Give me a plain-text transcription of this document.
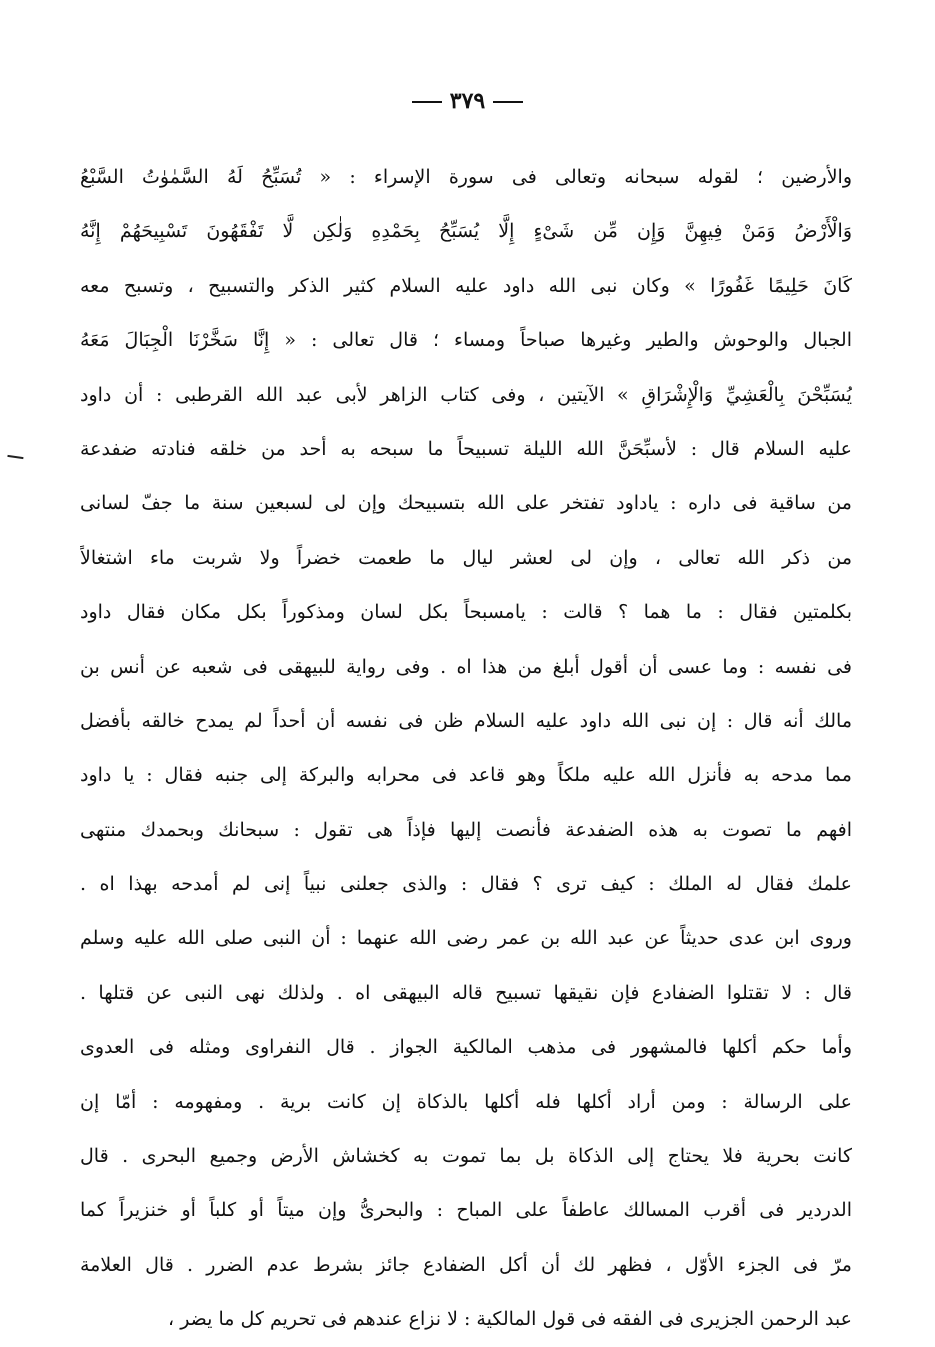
٣٧٩
والأرضين ؛ لقوله سبحانه وتعالى فى سورة الإسراء : « تُسَبِّحُ لَهُ السَّمٰوٰتُ السَّبْعُ
وَالْأَرْضُ وَمَنْ فِيهِنَّ وَإِن مِّن شَىْءٍ إِلَّا يُسَبِّحُ بِحَمْدِهِ وَلٰكِن لَّا تَفْقَهُونَ تَسْبِيحَهُمْ إِنَّهُ
كَانَ حَلِيمًا غَفُورًا » وكان نبى الله داود عليه السلام كثير الذكر والتسبيح ، وتسبح معه
الجبال والوحوش والطير وغيرها صباحاً ومساء ؛ قال تعالى : « إِنَّا سَخَّرْنَا الْجِبَالَ مَعَهُ
يُسَبِّحْنَ بِالْعَشِيِّ وَالْإِشْرَاقِ » الآيتين ، وفى كتاب الزاهر لأبى عبد الله القرطبى : أن داود
عليه السلام قال : لأسبِّحَنَّ الله الليلة تسبيحاً ما سبحه به أحد من خلقه فنادته ضفدعة
من ساقية فى داره : ياداود تفتخر على الله بتسبيحك وإن لى لسبعين سنة ما جفّ لسانى
من ذكر الله تعالى ، وإن لى لعشر ليال ما طعمت خضراً ولا شربت ماء اشتغالاً
بكلمتين فقال : ما هما ؟ قالت : يامسبحاً بكل لسان ومذكوراً بكل مكان فقال داود
فى نفسه : وما عسى أن أقول أبلغ من هذا اه . وفى رواية للبيهقى فى شعبه عن أنس بن
مالك أنه قال : إن نبى الله داود عليه السلام ظن فى نفسه أن أحداً لم يمدح خالقه بأفضل
مما مدحه به فأنزل الله عليه ملكاً وهو قاعد فى محرابه والبركة إلى جنبه فقال : يا داود
افهم ما تصوت به هذه الضفدعة فأنصت إليها فإذاً هى تقول : سبحانك وبحمدك منتهى
علمك فقال له الملك : كيف ترى ؟ فقال : والذى جعلنى نبياً إنى لم أمدحه بهذا اه .
وروى ابن عدى حديثاً عن عبد الله بن عمر رضى الله عنهما : أن النبى صلى الله عليه وسلم
قال : لا تقتلوا الضفادع فإن نقيقها تسبيح قاله البيهقى اه . ولذلك نهى النبى عن قتلها .
وأما حكم أكلها فالمشهور فى مذهب المالكية الجواز . قال النفراوى ومثله فى العدوى
على الرسالة : ومن أراد أكلها فله أكلها بالذكاة إن كانت برية . ومفهومه : أمّا إن
كانت بحرية فلا يحتاج إلى الذكاة بل بما تموت به كخشاش الأرض وجميع البحرى . قال
الدردير فى أقرب المسالك عاطفاً على المباح : والبحرىُّ وإن ميتاً أو كلباً أو خنزيراً كما
مرّ فى الجزء الأوّل ، فظهر لك أن أكل الضفادع جائز بشرط عدم الضرر . قال العلامة
عبد الرحمن الجزيرى فى الفقه فى قول المالكية : لا نزاع عندهم فى تحريم كل ما يضر ،
